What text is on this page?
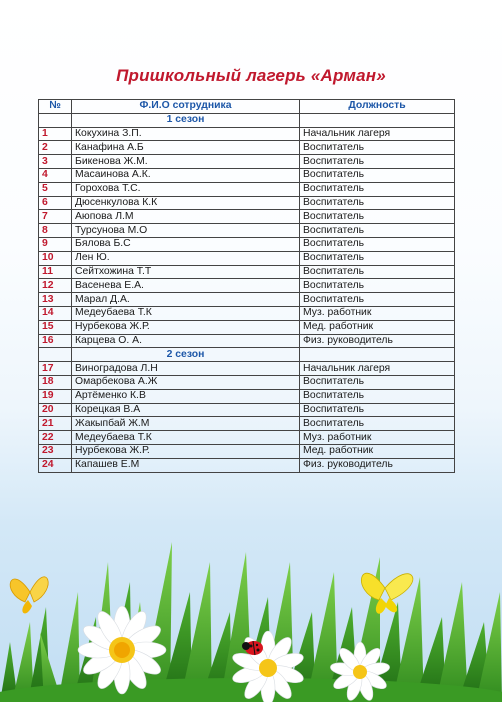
Пришкольный лагерь «Арман»
№	Ф.И.О сотрудника	Должность
	1 сезон	
1	Кокухина З.П.	Начальник лагеря
2	Канафина А.Б	Воспитатель
3	Бикенова Ж.М.	Воспитатель
4	Масаинова А.К.	Воспитатель
5	Горохова Т.С.	Воспитатель
6	Дюсенкулова К.К	Воспитатель
7	Аюпова Л.М	Воспитатель
8	Турсунова М.О	Воспитатель
9	Бялова Б.С	Воспитатель
10	Лен Ю.	Воспитатель
11	Сейтхожина Т.Т	Воспитатель
12	Васенева Е.А.	Воспитатель
13	Марал Д.А.	Воспитатель
14	Медеубаева Т.К	Муз. работник
15	Нурбекова Ж.Р.	Мед. работник
16	Карцева О. А.	Физ. руководитель
	2 сезон	
17	Виноградова Л.Н	Начальник лагеря
18	Омарбекова А.Ж	Воспитатель
19	Артёменко К.В	Воспитатель
20	Корецкая В.А	Воспитатель
21	Жакыпбай Ж.М	Воспитатель
22	Медеубаева Т.К	Муз. работник
23	Нурбекова Ж.Р.	Мед. работник
24	Капашев Е.М	Физ. руководитель
